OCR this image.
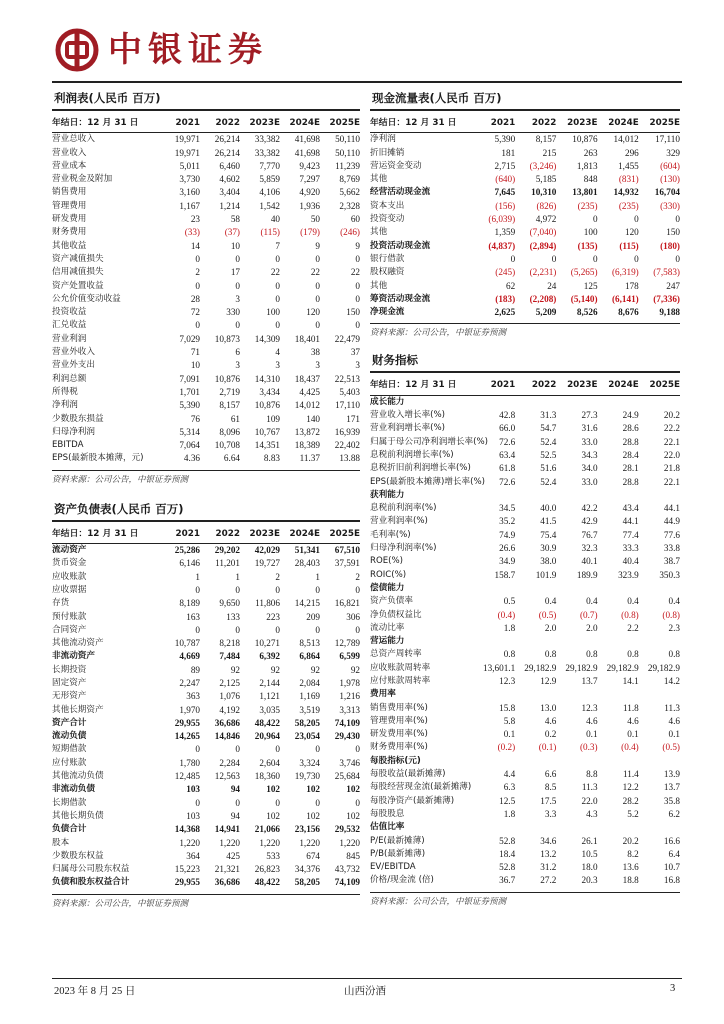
中银证券
利润表(人民币 百万)
年结日：12 月 31 日	2021	2022	2023E	2024E	2025E
营业总收入	19,971	26,214	33,382	41,698	50,110
营业收入	19,971	26,214	33,382	41,698	50,110
营业成本	5,011	6,460	7,770	9,423	11,239
营业税金及附加	3,730	4,602	5,859	7,297	8,769
销售费用	3,160	3,404	4,106	4,920	5,662
管理费用	1,167	1,214	1,542	1,936	2,328
研发费用	23	58	40	50	60
财务费用	(33)	(37)	(115)	(179)	(246)
其他收益	14	10	7	9	9
资产减值损失	0	0	0	0	0
信用减值损失	2	17	22	22	22
资产处置收益	0	0	0	0	0
公允价值变动收益	28	3	0	0	0
投资收益	72	330	100	120	150
汇兑收益	0	0	0	0	0
营业利润	7,029	10,873	14,309	18,401	22,479
营业外收入	71	6	4	38	37
营业外支出	10	3	3	3	3
利润总额	7,091	10,876	14,310	18,437	22,513
所得税	1,701	2,719	3,434	4,425	5,403
净利润	5,390	8,157	10,876	14,012	17,110
少数股东损益	76	61	109	140	171
归母净利润	5,314	8,096	10,767	13,872	16,939
EBITDA	7,064	10,708	14,351	18,389	22,402
EPS(最新股本摊薄，元)	4.36	6.64	8.83	11.37	13.88
资料来源：公司公告，中银证券预测
资产负债表(人民币 百万)
年结日：12 月 31 日	2021	2022	2023E	2024E	2025E
流动资产	25,286	29,202	42,029	51,341	67,510
货币资金	6,146	11,201	19,727	28,403	37,591
应收账款	1	1	2	1	2
应收票据	0	0	0	0	0
存货	8,189	9,650	11,806	14,215	16,821
预付账款	163	133	223	209	306
合同资产	0	0	0	0	0
其他流动资产	10,787	8,218	10,271	8,513	12,789
非流动资产	4,669	7,484	6,392	6,864	6,599
长期投资	89	92	92	92	92
固定资产	2,247	2,125	2,144	2,084	1,978
无形资产	363	1,076	1,121	1,169	1,216
其他长期资产	1,970	4,192	3,035	3,519	3,313
资产合计	29,955	36,686	48,422	58,205	74,109
流动负债	14,265	14,846	20,964	23,054	29,430
短期借款	0	0	0	0	0
应付账款	1,780	2,284	2,604	3,324	3,746
其他流动负债	12,485	12,563	18,360	19,730	25,684
非流动负债	103	94	102	102	102
长期借款	0	0	0	0	0
其他长期负债	103	94	102	102	102
负债合计	14,368	14,941	21,066	23,156	29,532
股本	1,220	1,220	1,220	1,220	1,220
少数股东权益	364	425	533	674	845
归属母公司股东权益	15,223	21,321	26,823	34,376	43,732
负债和股东权益合计	29,955	36,686	48,422	58,205	74,109
资料来源：公司公告，中银证券预测
现金流量表(人民币 百万)
年结日：12 月 31 日	2021	2022	2023E	2024E	2025E
净利润	5,390	8,157	10,876	14,012	17,110
折旧摊销	181	215	263	296	329
营运资金变动	2,715	(3,246)	1,813	1,455	(604)
其他	(640)	5,185	848	(831)	(130)
经营活动现金流	7,645	10,310	13,801	14,932	16,704
资本支出	(156)	(826)	(235)	(235)	(330)
投资变动	(6,039)	4,972	0	0	0
其他	1,359	(7,040)	100	120	150
投资活动现金流	(4,837)	(2,894)	(135)	(115)	(180)
银行借款	0	0	0	0	0
股权融资	(245)	(2,231)	(5,265)	(6,319)	(7,583)
其他	62	24	125	178	247
筹资活动现金流	(183)	(2,208)	(5,140)	(6,141)	(7,336)
净现金流	2,625	5,209	8,526	8,676	9,188
资料来源：公司公告，中银证券预测
财务指标
年结日：12 月 31 日	2021	2022	2023E	2024E	2025E
成长能力					
营业收入增长率(%)	42.8	31.3	27.3	24.9	20.2
营业利润增长率(%)	66.0	54.7	31.6	28.6	22.2
归属于母公司净利润增长率(%)	72.6	52.4	33.0	28.8	22.1
息税前利润增长率(%)	63.4	52.5	34.3	28.4	22.0
息税折旧前利润增长率(%)	61.8	51.6	34.0	28.1	21.8
EPS(最新股本摊薄)增长率(%)	72.6	52.4	33.0	28.8	22.1
获利能力					
息税前利润率(%)	34.5	40.0	42.2	43.4	44.1
营业利润率(%)	35.2	41.5	42.9	44.1	44.9
毛利率(%)	74.9	75.4	76.7	77.4	77.6
归母净利润率(%)	26.6	30.9	32.3	33.3	33.8
ROE(%)	34.9	38.0	40.1	40.4	38.7
ROIC(%)	158.7	101.9	189.9	323.9	350.3
偿债能力					
资产负债率	0.5	0.4	0.4	0.4	0.4
净负债权益比	(0.4)	(0.5)	(0.7)	(0.8)	(0.8)
流动比率	1.8	2.0	2.0	2.2	2.3
营运能力					
总资产周转率	0.8	0.8	0.8	0.8	0.8
应收账款周转率	13,601.1	29,182.9	29,182.9	29,182.9	29,182.9
应付账款周转率	12.3	12.9	13.7	14.1	14.2
费用率					
销售费用率(%)	15.8	13.0	12.3	11.8	11.3
管理费用率(%)	5.8	4.6	4.6	4.6	4.6
研发费用率(%)	0.1	0.2	0.1	0.1	0.1
财务费用率(%)	(0.2)	(0.1)	(0.3)	(0.4)	(0.5)
每股指标(元)					
每股收益(最新摊薄)	4.4	6.6	8.8	11.4	13.9
每股经营现金流(最新摊薄)	6.3	8.5	11.3	12.2	13.7
每股净资产(最新摊薄)	12.5	17.5	22.0	28.2	35.8
每股股息	1.8	3.3	4.3	5.2	6.2
估值比率					
P/E(最新摊薄)	52.8	34.6	26.1	20.2	16.6
P/B(最新摊薄)	18.4	13.2	10.5	8.2	6.4
EV/EBITDA	52.8	31.2	18.0	13.6	10.7
价格/现金流 (倍)	36.7	27.2	20.3	18.8	16.8
资料来源：公司公告，中银证券预测
2023 年 8 月 25 日	山西汾酒	3
